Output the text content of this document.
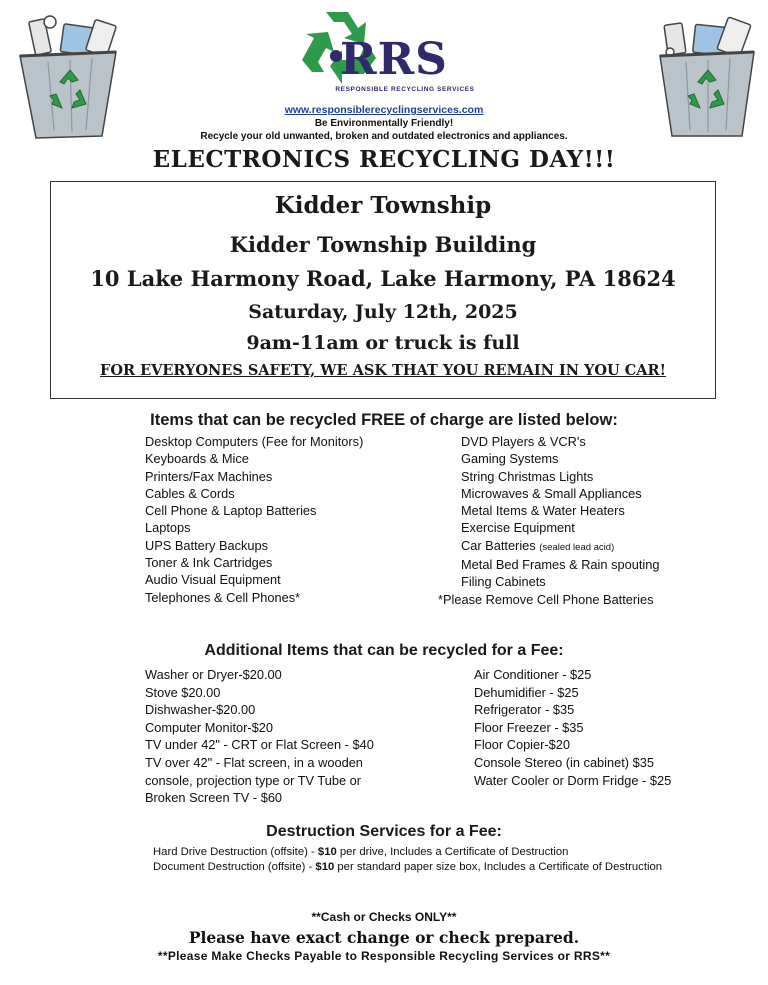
RRS
RESPONSIBLE RECYCLING SERVICES
www.responsiblerecyclingservices.com
Be Environmentally Friendly!
Recycle your old unwanted, broken and outdated electronics and appliances.
ELECTRONICS RECYCLING DAY!!!
Kidder Township
Kidder Township Building
10 Lake Harmony Road, Lake Harmony, PA 18624
Saturday, July 12th, 2025
9am-11am or truck is full
FOR EVERYONES SAFETY, WE ASK THAT YOU REMAIN IN YOU CAR!
Items that can be recycled FREE of charge are listed below:
Desktop Computers (Fee for Monitors)
Keyboards & Mice
Printers/Fax Machines
Cables & Cords
Cell Phone & Laptop Batteries
Laptops
UPS Battery Backups
Toner & Ink Cartridges
Audio Visual Equipment
Telephones & Cell Phones*
DVD Players & VCR's
Gaming Systems
String Christmas Lights
Microwaves & Small Appliances
Metal Items & Water Heaters
Exercise Equipment
Car Batteries (sealed lead acid)
Metal Bed Frames & Rain spouting
Filing Cabinets
*Please Remove Cell Phone Batteries
Additional Items that can be recycled for a Fee:
Washer or Dryer-$20.00
Stove $20.00
Dishwasher-$20.00
Computer Monitor-$20
TV under 42" - CRT or Flat Screen - $40
TV over 42" - Flat screen, in a wooden
console, projection type or TV Tube or
Broken Screen TV - $60
Air Conditioner - $25
Dehumidifier - $25
Refrigerator - $35
Floor Freezer - $35
Floor Copier-$20
Console Stereo (in cabinet) $35
Water Cooler or Dorm Fridge - $25
Destruction Services for a Fee:
Hard Drive Destruction (offsite) - $10 per drive, Includes a Certificate of Destruction
Document Destruction (offsite) - $10 per standard paper size box, Includes a Certificate of Destruction
**Cash or Checks ONLY**
Please have exact change or check prepared.
**Please Make Checks Payable to Responsible Recycling Services or RRS**
